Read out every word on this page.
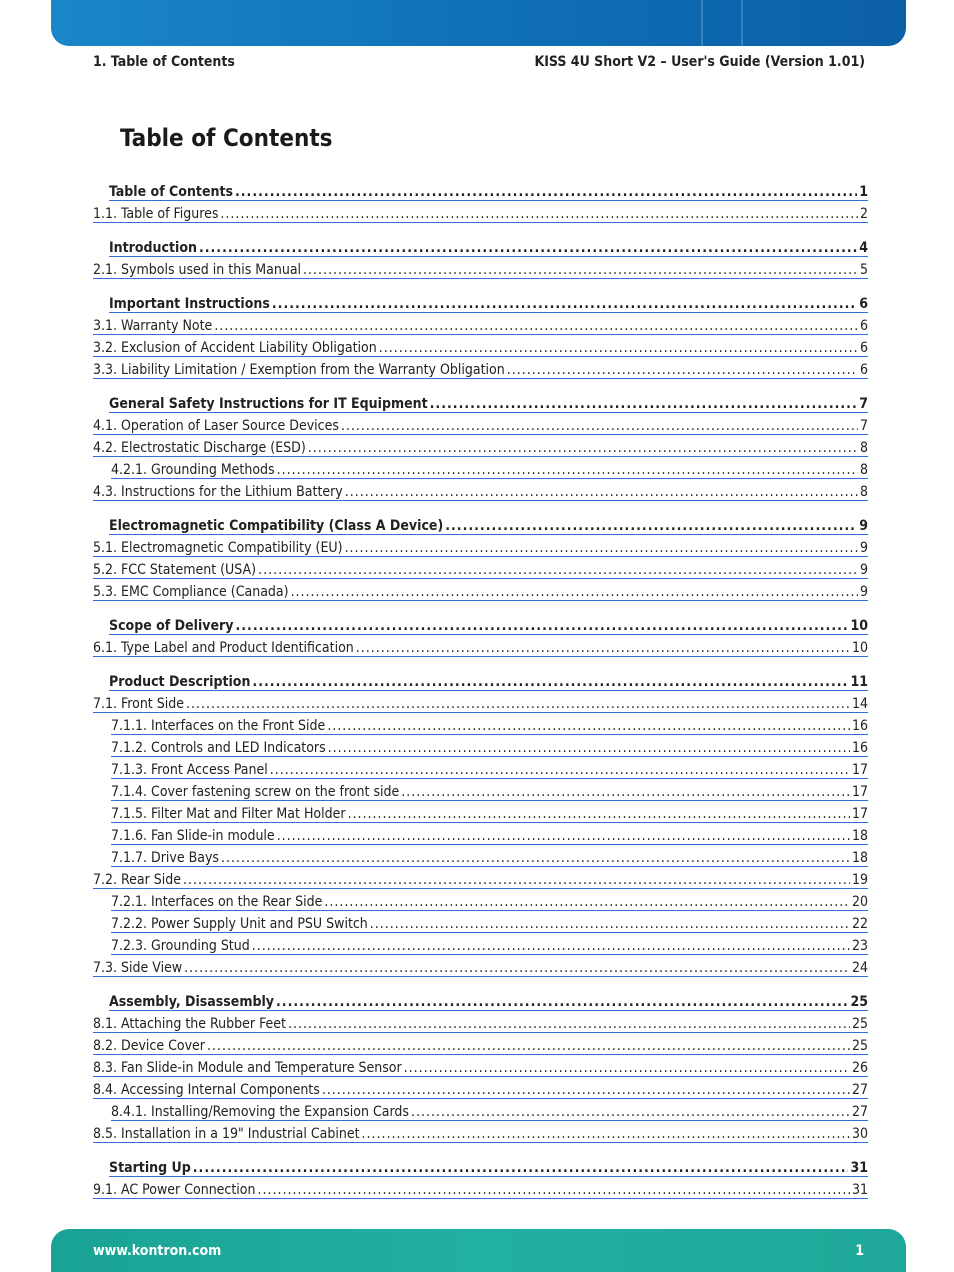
1. Table of Contents	KISS 4U Short V2 – User's Guide (Version 1.01)
Table of Contents
Table of Contents .....	1
1.1. Table of Figures .....	2
Introduction .....	4
2.1. Symbols used in this Manual .....	5
Important Instructions .....	6
3.1. Warranty Note .....	6
3.2. Exclusion of Accident Liability Obligation .....	6
3.3. Liability Limitation / Exemption from the Warranty Obligation .....	6
General Safety Instructions for IT Equipment .....	7
4.1. Operation of Laser Source Devices .....	7
4.2. Electrostatic Discharge (ESD) .....	8
4.2.1. Grounding Methods .....	8
4.3. Instructions for the Lithium Battery .....	8
Electromagnetic Compatibility (Class A Device) .....	9
5.1. Electromagnetic Compatibility (EU) .....	9
5.2. FCC Statement (USA) .....	9
5.3. EMC Compliance (Canada) .....	9
Scope of Delivery .....	10
6.1. Type Label and Product Identification .....	10
Product Description .....	11
7.1. Front Side .....	14
7.1.1. Interfaces on the Front Side .....	16
7.1.2. Controls and LED Indicators .....	16
7.1.3. Front Access Panel .....	17
7.1.4. Cover fastening screw on the front side .....	17
7.1.5. Filter Mat and Filter Mat Holder .....	17
7.1.6. Fan Slide-in module .....	18
7.1.7. Drive Bays .....	18
7.2. Rear Side .....	19
7.2.1. Interfaces on the Rear Side .....	20
7.2.2. Power Supply Unit and PSU Switch .....	22
7.2.3. Grounding Stud .....	23
7.3. Side View .....	24
Assembly, Disassembly .....	25
8.1. Attaching the Rubber Feet .....	25
8.2. Device Cover .....	25
8.3. Fan Slide-in Module and Temperature Sensor .....	26
8.4. Accessing Internal Components .....	27
8.4.1. Installing/Removing the Expansion Cards .....	27
8.5. Installation in a 19" Industrial Cabinet .....	30
Starting Up .....	31
9.1. AC Power Connection .....	31
www.kontron.com	1
